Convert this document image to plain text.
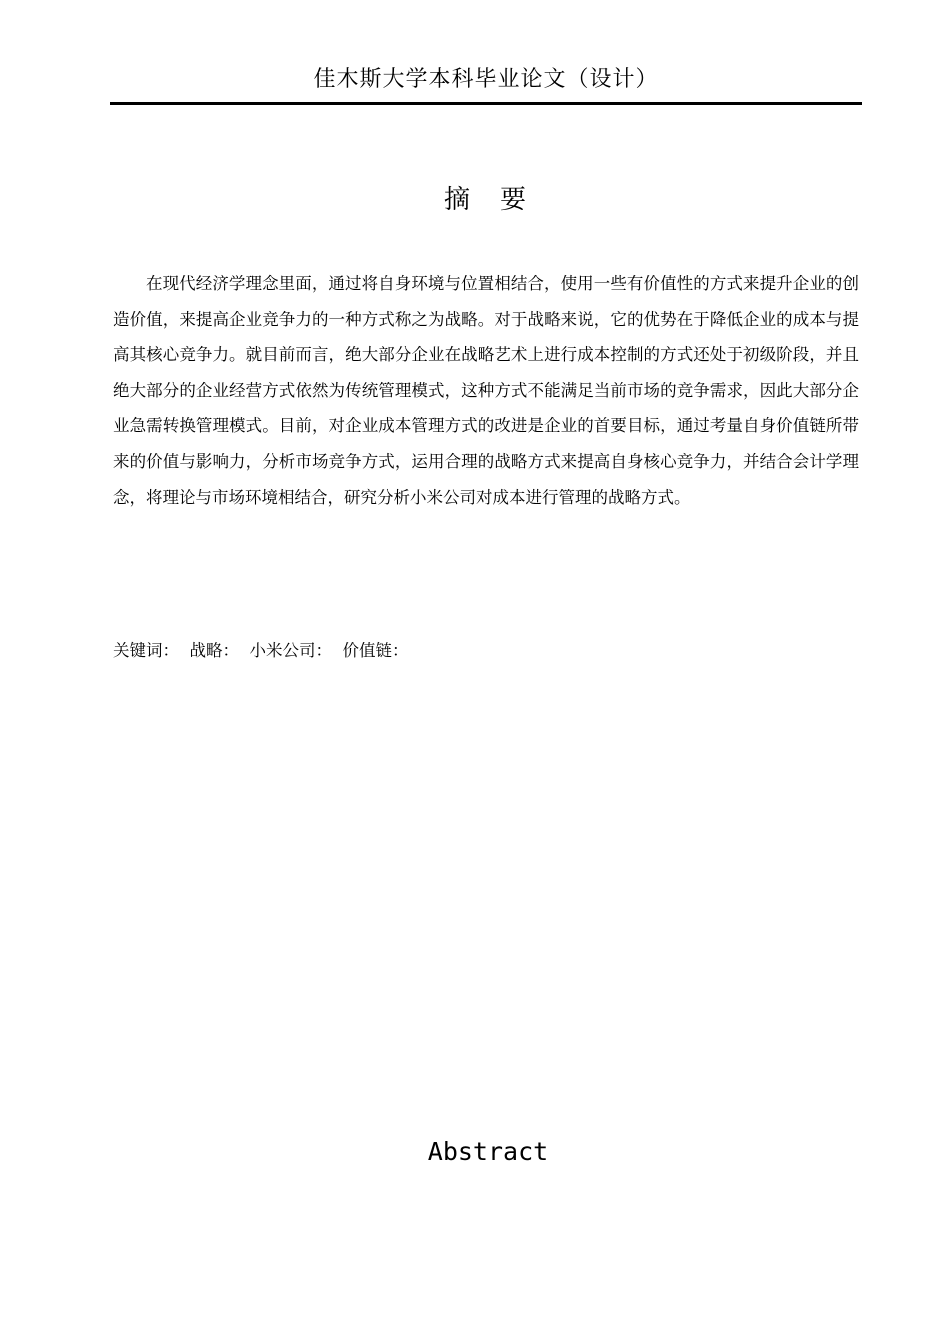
佳木斯大学本科毕业论文（设计）
摘　要

在现代经济学理念里面，通过将自身环境与位置相结合，使用一些有价值性的方式来提升企业的创造价值，来提高企业竞争力的一种方式称之为战略。对于战略来说，它的优势在于降低企业的成本与提高其核心竞争力。就目前而言，绝大部分企业在战略艺术上进行成本控制的方式还处于初级阶段，并且绝大部分的企业经营方式依然为传统管理模式，这种方式不能满足当前市场的竞争需求，因此大部分企业急需转换管理模式。目前，对企业成本管理方式的改进是企业的首要目标，通过考量自身价值链所带来的价值与影响力，分析市场竞争方式，运用合理的战略方式来提高自身核心竞争力，并结合会计学理念，将理论与市场环境相结合，研究分析小米公司对成本进行管理的战略方式。

关键词：  战略：  小米公司：  价值链：
Abstract
